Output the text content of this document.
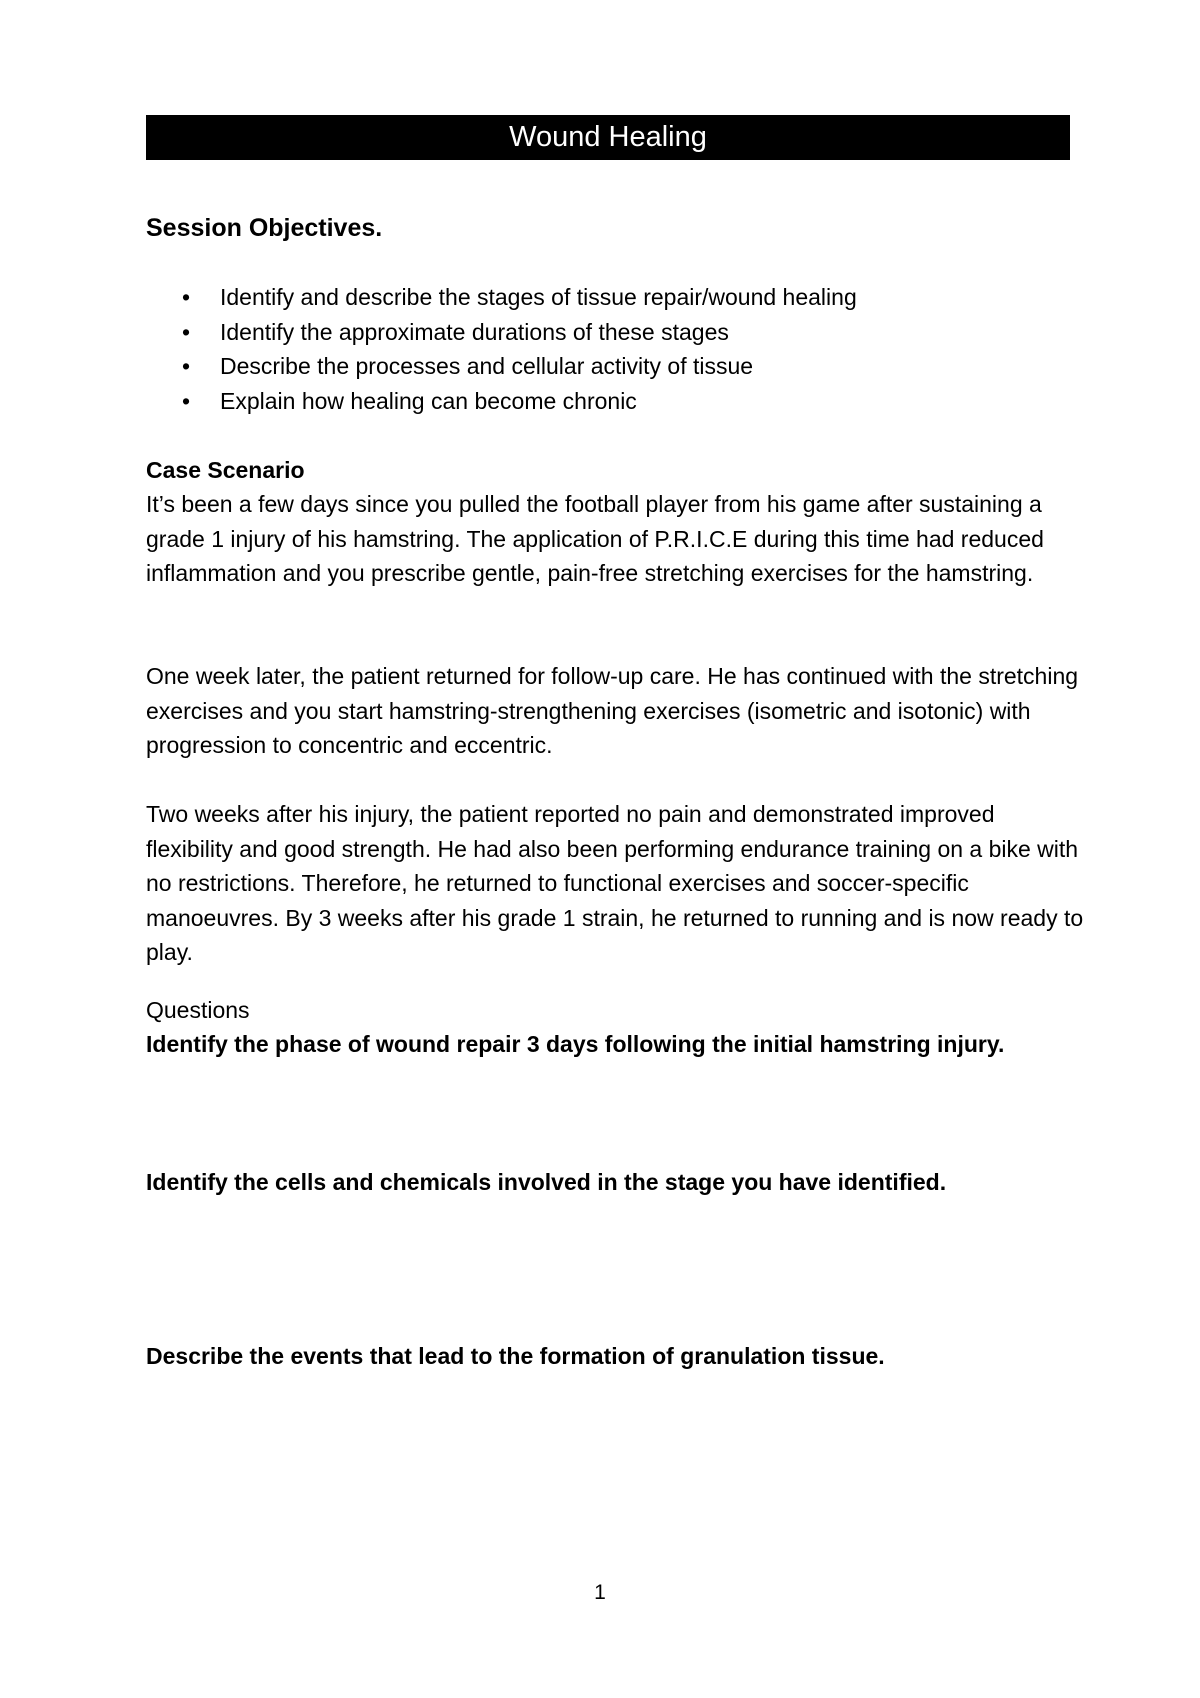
Wound Healing
Session Objectives.
• Identify and describe the stages of tissue repair/wound healing
• Identify the approximate durations of these stages
• Describe the processes and cellular activity of tissue
• Explain how healing can become chronic
Case Scenario

It’s been a few days since you pulled the football player from his game after sustaining a grade 1 injury of his hamstring. The application of P.R.I.C.E during this time had reduced inflammation and you prescribe gentle, pain-free stretching exercises for the hamstring.

One week later, the patient returned for follow-up care. He has continued with the stretching exercises and you start hamstring-strengthening exercises (isometric and isotonic) with progression to concentric and eccentric.

Two weeks after his injury, the patient reported no pain and demonstrated improved flexibility and good strength. He had also been performing endurance training on a bike with no restrictions. Therefore, he returned to functional exercises and soccer-specific manoeuvres. By 3 weeks after his grade 1 strain, he returned to running and is now ready to play.

Questions
Identify the phase of wound repair 3 days following the initial hamstring injury.
Identify the cells and chemicals involved in the stage you have identified.
Describe the events that lead to the formation of granulation tissue.
1
